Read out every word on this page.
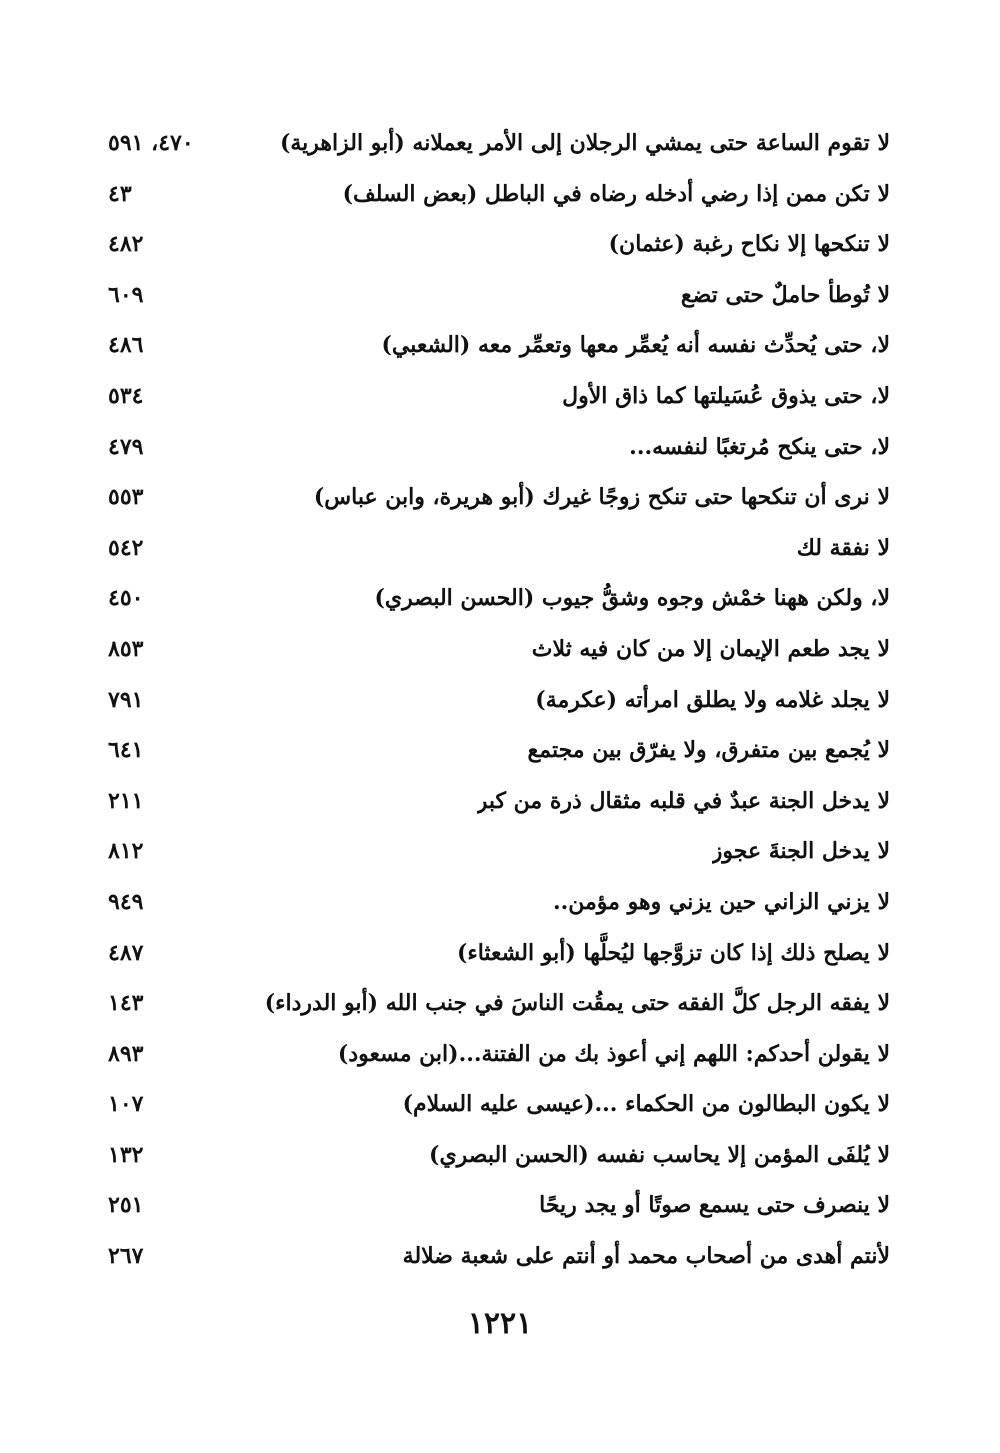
لا تقوم الساعة حتى يمشي الرجلان إلى الأمر يعملانه (أبو الزاهرية)
٤٧٠، ٥٩١
لا تكن ممن إذا رضي أدخله رضاه في الباطل (بعض السلف)
٤٣
لا تنكحها إلا نكاح رغبة (عثمان)
٤٨٢
لا تُوطأ حاملٌ حتى تضع
٦٠٩
لا، حتى يُحدِّث نفسه أنه يُعمِّر معها وتعمِّر معه (الشعبي)
٤٨٦
لا، حتى يذوق عُسَيلتها كما ذاق الأول
٥٣٤
لا، حتى ينكح مُرتغبًا لنفسه...
٤٧٩
لا نرى أن تنكحها حتى تنكح زوجًا غيرك (أبو هريرة، وابن عباس)
٥٥٣
لا نفقة لك
٥٤٢
لا، ولكن ههنا خمْش وجوه وشقُّ جيوب (الحسن البصري)
٤٥٠
لا يجد طعم الإيمان إلا من كان فيه ثلاث
٨٥٣
لا يجلد غلامه ولا يطلق امرأته (عكرمة)
٧٩١
لا يُجمع بين متفرق، ولا يفرّق بين مجتمع
٦٤١
لا يدخل الجنة عبدٌ في قلبه مثقال ذرة من كبر
٢١١
لا يدخل الجنةَ عجوز
٨١٢
لا يزني الزاني حين يزني وهو مؤمن..
٩٤٩
لا يصلح ذلك إذا كان تزوَّجها ليُحلَّها (أبو الشعثاء)
٤٨٧
لا يفقه الرجل كلَّ الفقه حتى يمقُت الناسَ في جنب الله (أبو الدرداء)
١٤٣
لا يقولن أحدكم: اللهم إني أعوذ بك من الفتنة...(ابن مسعود)
٨٩٣
لا يكون البطالون من الحكماء ...(عيسى عليه السلام)
١٠٧
لا يُلفَى المؤمن إلا يحاسب نفسه (الحسن البصري)
١٣٢
لا ينصرف حتى يسمع صوتًا أو يجد ريحًا
٢٥١
لأنتم أهدى من أصحاب محمد أو أنتم على شعبة ضلالة
٢٦٧
١٢٢١
